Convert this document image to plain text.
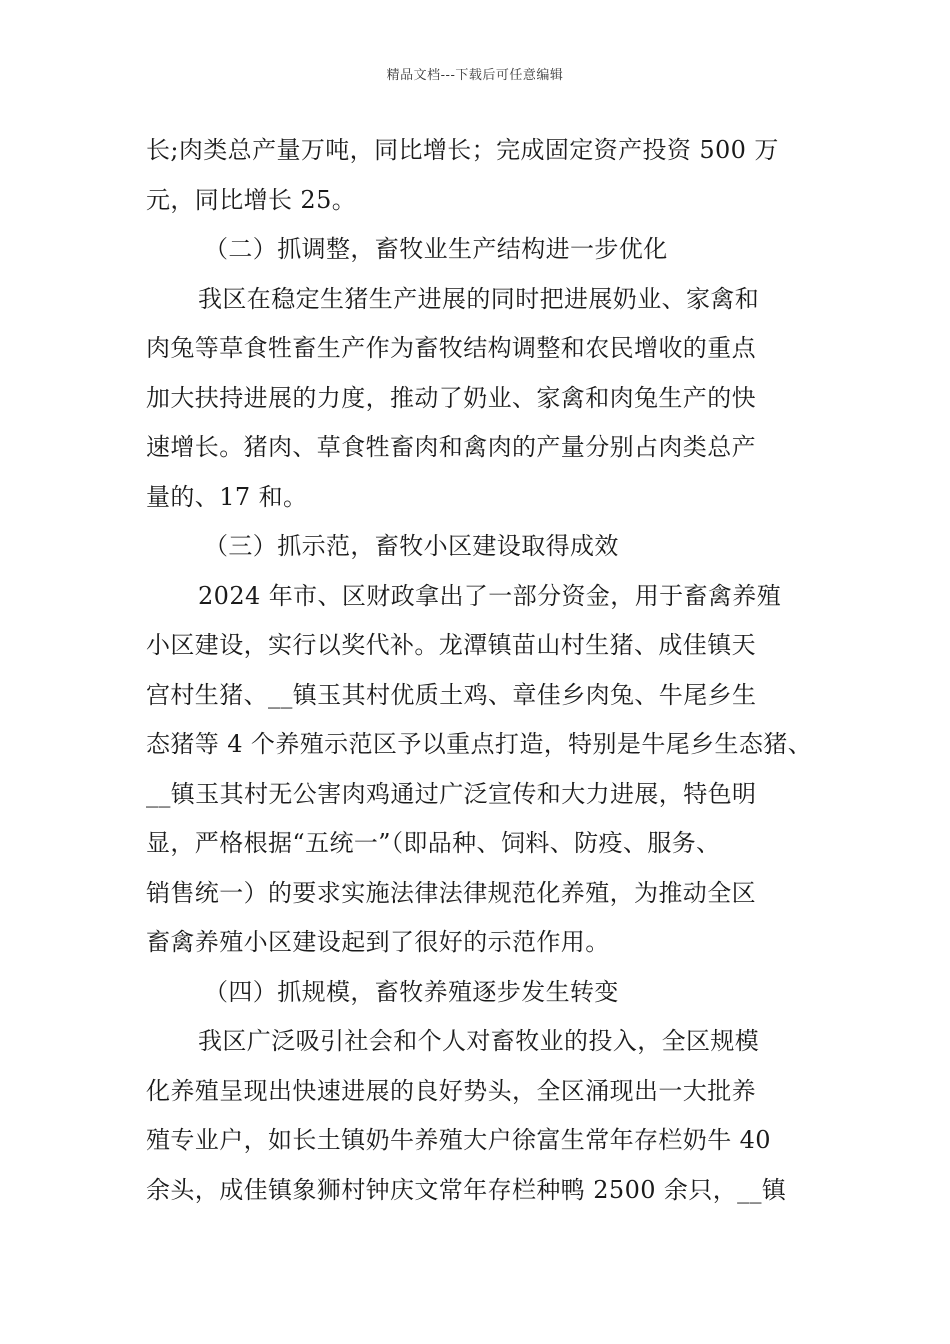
精品文档---下载后可任意编辑
长;肉类总产量万吨，同比增长；完成固定资产投资 500 万
元，同比增长 25。
（二）抓调整，畜牧业生产结构进一步优化
我区在稳定生猪生产进展的同时把进展奶业、家禽和
肉兔等草食牲畜生产作为畜牧结构调整和农民增收的重点
加大扶持进展的力度，推动了奶业、家禽和肉兔生产的快
速增长。猪肉、草食牲畜肉和禽肉的产量分别占肉类总产
量的、17 和。
（三）抓示范，畜牧小区建设取得成效
2024 年市、区财政拿出了一部分资金，用于畜禽养殖
小区建设，实行以奖代补。龙潭镇苗山村生猪、成佳镇天
宫村生猪、__镇玉其村优质土鸡、章佳乡肉兔、牛尾乡生
态猪等 4 个养殖示范区予以重点打造，特别是牛尾乡生态猪、
__镇玉其村无公害肉鸡通过广泛宣传和大力进展，特色明
显，严格根据“五统一”（即品种、饲料、防疫、服务、
销售统一）的要求实施法律法律规范化养殖，为推动全区
畜禽养殖小区建设起到了很好的示范作用。
（四）抓规模，畜牧养殖逐步发生转变
我区广泛吸引社会和个人对畜牧业的投入，全区规模
化养殖呈现出快速进展的良好势头，全区涌现出一大批养
殖专业户，如长土镇奶牛养殖大户徐富生常年存栏奶牛 40
余头，成佳镇象狮村钟庆文常年存栏种鸭 2500 余只，__镇
